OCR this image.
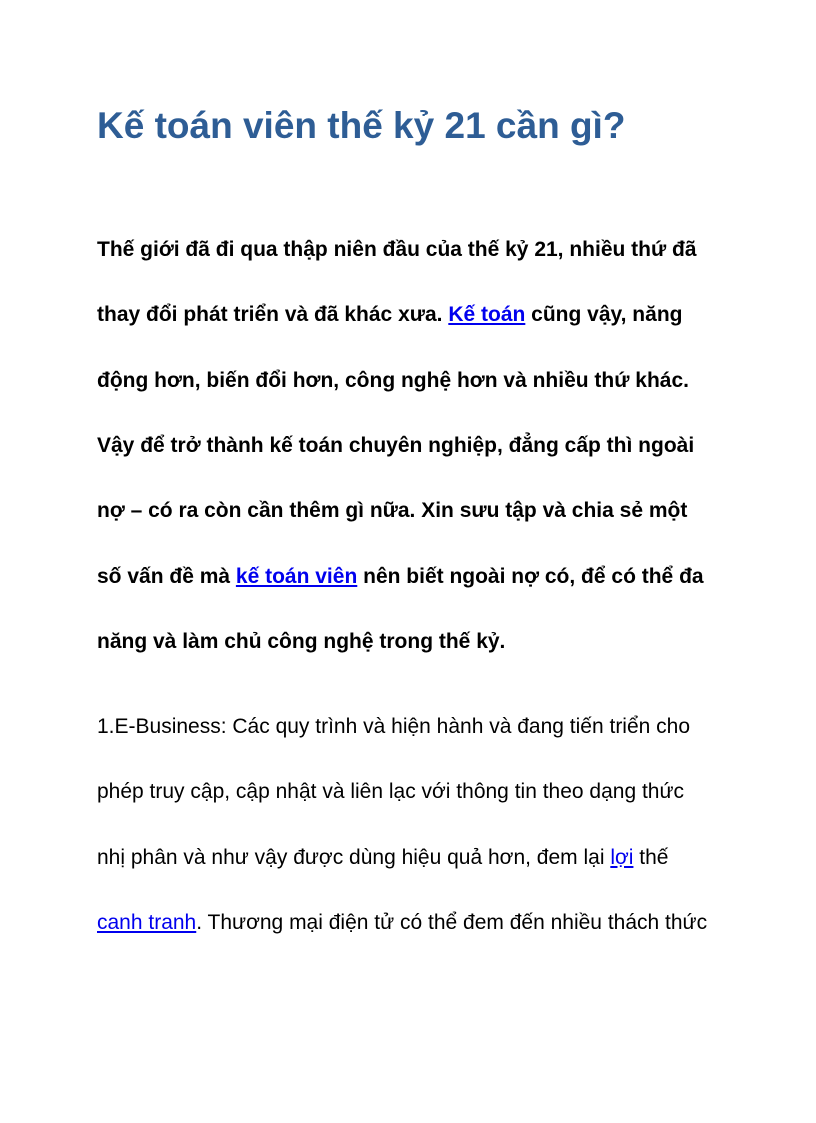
Kế toán viên thế kỷ 21 cần gì?

Thế giới đã đi qua thập niên đầu của thế kỷ 21, nhiều thứ đã

thay đổi phát triển và đã khác xưa. Kế toán cũng vậy, năng

động hơn, biến đổi hơn, công nghệ hơn và nhiều thứ khác.

Vậy để trở thành kế toán chuyên nghiệp, đẳng cấp thì ngoài

nợ – có ra còn cần thêm gì nữa. Xin sưu tập và chia sẻ một

số vấn đề mà kế toán viên nên biết ngoài nợ có, để có thể đa

năng và làm chủ công nghệ trong thế kỷ.

1.E-Business: Các quy trình và hiện hành và đang tiến triển cho

phép truy cập, cập nhật và liên lạc với thông tin theo dạng thức

nhị phân và như vậy được dùng hiệu quả hơn, đem lại lợi thế

canh tranh. Thương mại điện tử có thể đem đến nhiều thách thức
